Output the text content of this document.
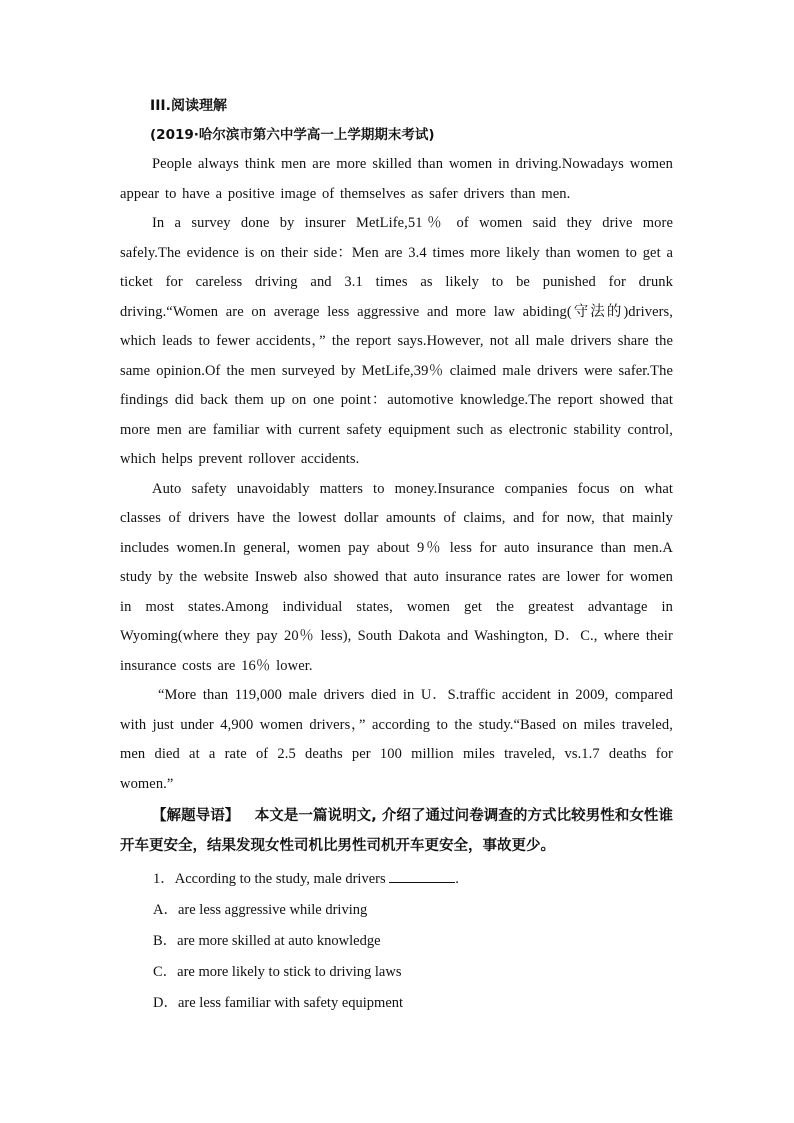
III.阅读理解

(2019·哈尔滨市第六中学高一上学期期末考试)

People always think men are more skilled than women in driving.Nowadays women appear to have a positive image of themselves as safer drivers than men.

In a survey done by insurer MetLife,51％ of women said they drive more safely.The evidence is on their side：Men are 3.4 times more likely than women to get a ticket for careless driving and 3.1 times as likely to be punished for drunk driving.“Women are on average less aggressive and more law abiding(守法的)drivers, which leads to fewer accidents，” the report says.However, not all male drivers share the same opinion.Of the men surveyed by MetLife,39％ claimed male drivers were safer.The findings did back them up on one point：automotive knowledge.The report showed that more men are familiar with current safety equipment such as electronic stability control, which helps prevent rollover accidents.

Auto safety unavoidably matters to money.Insurance companies focus on what classes of drivers have the lowest dollar amounts of claims, and for now, that mainly includes women.In general, women pay about 9％ less for auto insurance than men.A study by the website Insweb also showed that auto insurance rates are lower for women in most states.Among individual states, women get the greatest advantage in Wyoming(where they pay 20％ less), South Dakota and Washington, D．C., where their insurance costs are 16％ lower.

“More than 119,000 male drivers died in U．S.traffic accident in 2009, compared with just under 4,900 women drivers，” according to the study.“Based on miles traveled, men died at a rate of 2.5 deaths per 100 million miles traveled, vs.1.7 deaths for women.”

【解题导语】 本文是一篇说明文, 介绍了通过问卷调查的方式比较男性和女性谁开车更安全，结果发现女性司机比男性司机开车更安全，事故更少。

1．According to the study, male drivers	.

A．are less aggressive while driving

B．are more skilled at auto knowledge

C．are more likely to stick to driving laws

D．are less familiar with safety equipment
